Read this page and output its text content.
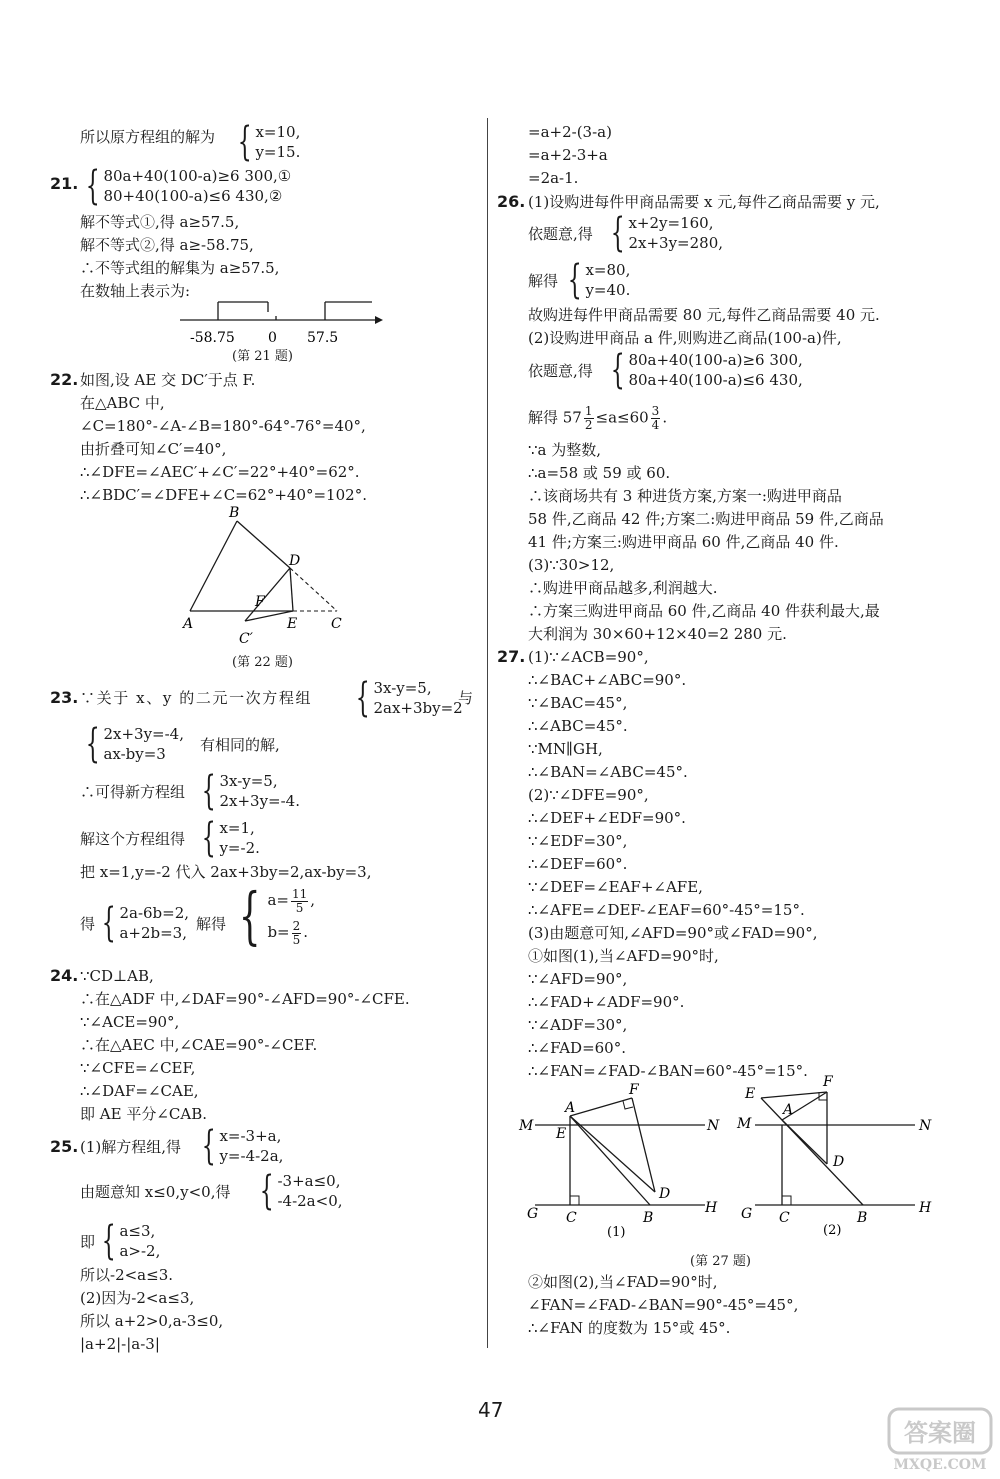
所以原方程组的解为 { x=10,
y=15.
21. { 80a+40(100-a)≥6 300,①
80+40(100-a)≤6 430,②
解不等式①,得 a≥57.5,
解不等式②,得 a≥-58.75,
∴不等式组的解集为 a≥57.5,
在数轴上表示为:
-58.75 0 57.5
(第 21 题)
22. 如图,设 AE 交 DC′于点 F.
在△ABC 中,
∠C=180°-∠A-∠B=180°-64°-76°=40°,
由折叠可知∠C′=40°,
∴∠DFE=∠AEC′+∠C′=22°+40°=62°.
∴∠BDC′=∠DFE+∠C=62°+40°=102°.
B
D
F
A	E C
C′
(第 22 题)
23. ∵关于 x、y 的二元一次方程组 { 3x-y=5,
2ax+3by=2
与
{ 2x+3y=-4,
ax-by=3	有相同的解,
∴可得新方程组 { 3x-y=5,
2x+3y=-4.
解这个方程组得 { x=1,
y=-2.
把 x=1,y=-2 代入 2ax+3by=2,ax-by=3,
得 { 2a-6b=2,
a+2b=3, 解得 { $a= \frac{11}{5}$ ,
$b= \frac{2}{5}$ .
24. ∵CD⊥AB,
∴在△ADF 中,∠DAF=90°-∠AFD=90°-∠CFE.
∵∠ACE=90°,
∴在△AEC 中,∠CAE=90°-∠CEF.
∵∠CFE=∠CEF,
∴∠DAF=∠CAE,
即 AE 平分∠CAB.
25. (1)解方程组,得 { x=-3+a,
y=-4-2a,
由题意知 x≤0,y<0,得 { -3+a≤0,
-4-2a<0,
即 { a≤3,
a>-2,
所以-2<a≤3.
(2)因为-2<a≤3,
所以 a+2>0,a-3≤0,
|a+2|-|a-3|
=a+2-(3-a)
=a+2-3+a
=2a-1.
26. (1)设购进每件甲商品需要 x 元,每件乙商品需要 y 元,
依题意,得 { x+2y=160,
2x+3y=280,
解得 { x=80,
y=40.
故购进每件甲商品需要 80 元,每件乙商品需要 40 元.
(2)设购进甲商品 a 件,则购进乙商品(100-a)件,
依题意,得 { 80a+40(100-a)≥6 300,
80a+40(100-a)≤6 430,
解得 $57 \frac{1}{2} \le a\le 60 \frac{3}{4}$ .
∵a 为整数,
∴a=58 或 59 或 60.
∴该商场共有 3 种进货方案,方案一:购进甲商品
58 件,乙商品 42 件;方案二:购进甲商品 59 件,乙商品
41 件;方案三:购进甲商品 60 件,乙商品 40 件.
(3)∵30>12,
∴购进甲商品越多,利润越大.
∴方案三购进甲商品 60 件,乙商品 40 件获利最大,最
大利润为 30×60+12×40=2 280 元.
27. (1)∵∠ACB=90°,
∴∠BAC+∠ABC=90°.
∵∠BAC=45°,
∴∠ABC=45°.
∵MN∥GH,
∴∠BAN=∠ABC=45°.
(2)∵∠DFE=90°,
∴∠DEF+∠EDF=90°.
∵∠EDF=30°,
∴∠DEF=60°.
∵∠DEF=∠EAF+∠AFE,
∴∠AFE=∠DEF-∠EAF=60°-45°=15°.
(3)由题意可知,∠AFD=90°或∠FAD=90°,
①如图(1),当∠AFD=90°时,
∵∠AFD=90°,
∴∠FAD+∠ADF=90°.
∵∠ADF=30°,
∴∠FAD=60°.
∴∠FAN=∠FAD-∠BAN=60°-45°=15°.
M	N
A
E
F
D
G C	B
H
(1)
M	N
A
E
F
D
G C	B
H
(2)
(第 27 题)
②如图(2),当∠FAD=90°时,
∠FAN=∠FAD-∠BAN=90°-45°=45°,
∴∠FAN 的度数为 15°或 45°.
47
答案圈
MXQE.COM
